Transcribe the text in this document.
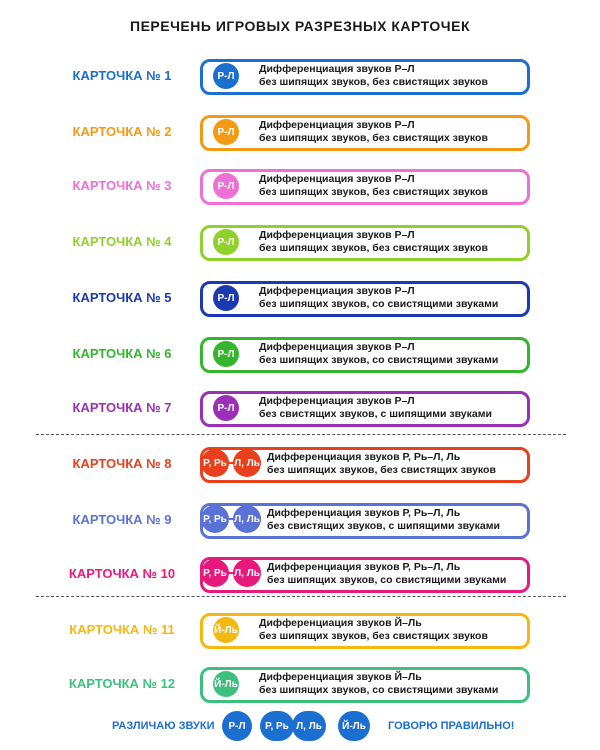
ПЕРЕЧЕНЬ ИГРОВЫХ РАЗРЕЗНЫХ КАРТОЧЕК
КАРТОЧКА № 1	Р-Л
Дифференциация звуков Р–Л
без шипящих звуков, без свистящих звуков
КАРТОЧКА № 2	Р-Л
Дифференциация звуков Р–Л
без шипящих звуков, без свистящих звуков
КАРТОЧКА № 3	Р-Л
Дифференциация звуков Р–Л
без шипящих звуков, без свистящих звуков
КАРТОЧКА № 4	Р-Л
Дифференциация звуков Р–Л
без шипящих звуков, без свистящих звуков
КАРТОЧКА № 5	Р-Л
Дифференциация звуков Р–Л
без шипящих звуков, со свистящими звуками
КАРТОЧКА № 6	Р-Л
Дифференциация звуков Р–Л
без шипящих звуков, со свистящими звуками
КАРТОЧКА № 7	Р-Л
Дифференциация звуков Р–Л
без свистящих звуков, с шипящими звуками
КАРТОЧКА № 8	Р, Рь Л, Ль Дифференциация звуков Р, Рь–Л, Ль
без шипящих звуков, без свистящих звуков
КАРТОЧКА № 9	Р, Рь Л, Ль Дифференциация звуков Р, Рь–Л, Ль
без свистящих звуков, с шипящими звуками
КАРТОЧКА № 10	Р, Рь Л, Ль Дифференциация звуков Р, Рь–Л, Ль
без шипящих звуков, со свистящими звуками
КАРТОЧКА № 11	Й-Ль
Дифференциация звуков Й–Ль
без шипящих звуков, без свистящих звуков
КАРТОЧКА № 12	Й-Ль
Дифференциация звуков Й–Ль
без шипящих звуков, со свистящими звуками
РАЗЛИЧАЮ ЗВУКИ	Р-Л	Р, Рь Л, Ль	Й-Ль	ГОВОРЮ ПРАВИЛЬНО!
